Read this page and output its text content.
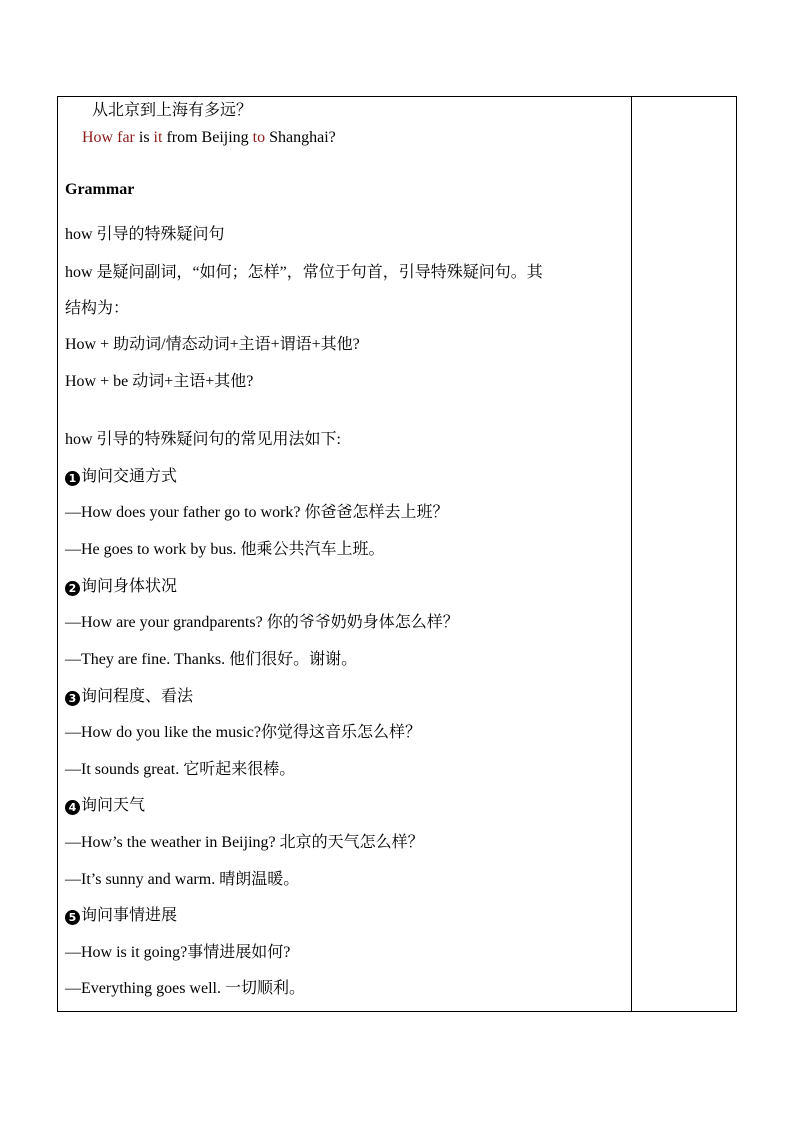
从北京到上海有多远？
How far is it from Beijing to Shanghai?
Grammar
how 引导的特殊疑问句
how 是疑问副词，“如何；怎样”，常位于句首，引导特殊疑问句。其
结构为：
How + 助动词/情态动词+主语+谓语+其他?
How + be 动词+主语+其他?
how 引导的特殊疑问句的常见用法如下:
1 询问交通方式
—How does your father go to work? 你爸爸怎样去上班？
—He goes to work by bus. 他乘公共汽车上班。
2 询问身体状况
—How are your grandparents? 你的爷爷奶奶身体怎么样？
—They are fine. Thanks. 他们很好。谢谢。
3 询问程度、看法
—How do you like the music?你觉得这音乐怎么样？
—It sounds great. 它听起来很棒。
4 询问天气
—How’s the weather in Beijing? 北京的天气怎么样？
—It’s sunny and warm. 晴朗温暖。
5 询问事情进展
—How is it going?事情进展如何?
—Everything goes well. 一切顺利。
